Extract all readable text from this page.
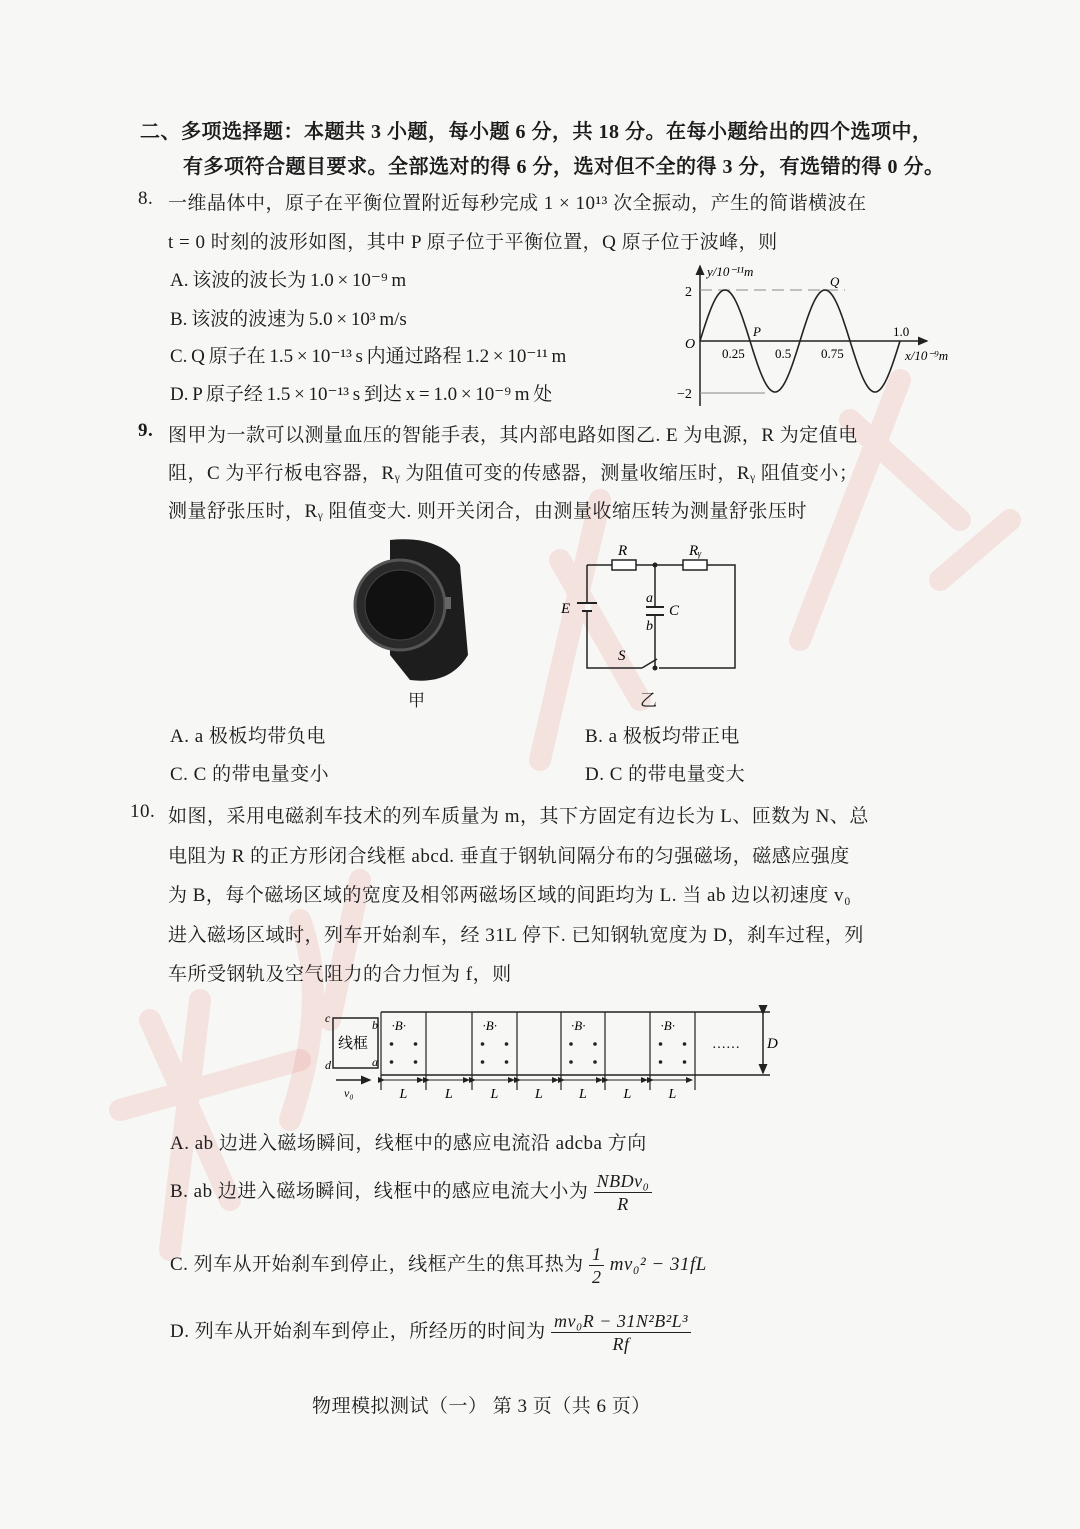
二、多项选择题：本题共 3 小题，每小题 6 分，共 18 分。在每小题给出的四个选项中，
有多项符合题目要求。全部选对的得 6 分，选对但不全的得 3 分，有选错的得 0 分。
8. 一维晶体中，原子在平衡位置附近每秒完成 1 × 10¹³ 次全振动，产生的简谐横波在
t = 0 时刻的波形如图，其中 P 原子位于平衡位置，Q 原子位于波峰，则
A. 该波的波长为 1.0 × 10⁻⁹ m
B. 该波的波速为 5.0 × 10³ m/s
C. Q 原子在 1.5 × 10⁻¹³ s 内通过路程 1.2 × 10⁻¹¹ m
D. P 原子经 1.5 × 10⁻¹³ s 到达 x = 1.0 × 10⁻⁹ m 处
y/10⁻¹¹m
2
−2
O
0.25 0.5 0.75
1.0
x/10⁻⁹m
P
Q
9. 图甲为一款可以测量血压的智能手表，其内部电路如图乙. E 为电源，R 为定值电
阻，C 为平行板电容器，Rᵧ 为阻值可变的传感器，测量收缩压时，Rᵧ 阻值变小；
测量舒张压时，Rᵧ 阻值变大. 则开关闭合，由测量收缩压转为测量舒张压时
甲
R	Rᵧ
E
a
b
C
S
乙
A. a 极板均带负电	B. a 极板均带正电
C. C 的带电量变小	D. C 的带电量变大
10. 如图，采用电磁刹车技术的列车质量为 m，其下方固定有边长为 L、匝数为 N、总
电阻为 R 的正方形闭合线框 abcd. 垂直于钢轨间隔分布的匀强磁场，磁感应强度
为 B，每个磁场区域的宽度及相邻两磁场区域的间距均为 L. 当 ab 边以初速度 v₀
进入磁场区域时，列车开始刹车，经 31L 停下. 已知钢轨宽度为 D，刹车过程，列
车所受钢轨及空气阻力的合力恒为 f，则
L
·B·
L	L
·B·
L	L
·B·
L	L
·B·
线框
c
d
b
a
v₀
…… D
A. ab 边进入磁场瞬间，线框中的感应电流沿 adcba 方向
B. ab 边进入磁场瞬间，线框中的感应电流大小为 $\frac{\text{NBDv₀}}{R}$
C. 列车从开始刹车到停止，线框产生的焦耳热为 $\frac{1}{2} mv_0^2 - 31fL$
D. 列车从开始刹车到停止，所经历的时间为 $\frac{\text{mv₀R − 31N²B²L³}}{Rf}$
物理模拟测试（一） 第 3 页（共 6 页）
